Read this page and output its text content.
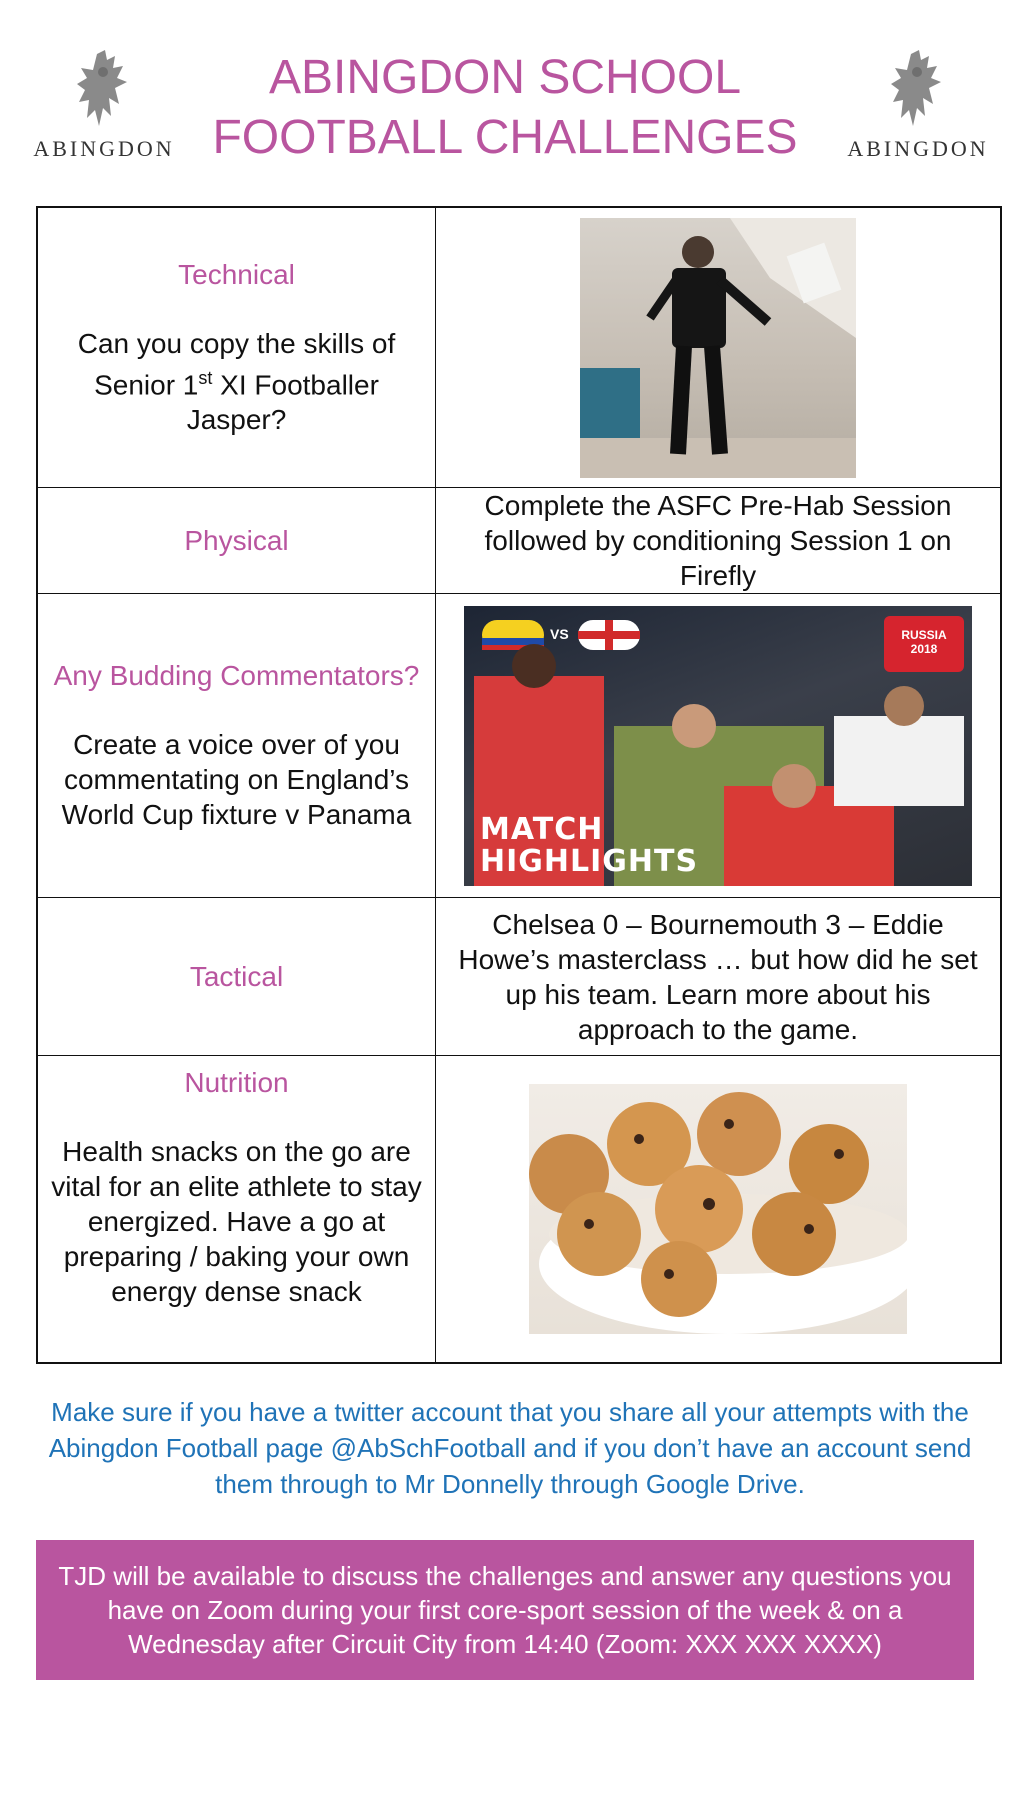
ABINGDON
ABINGDON SCHOOL
FOOTBALL CHALLENGES	ABINGDON
Technical
Can you copy the skills of Senior 1st XI Footballer Jasper?
Physical
Complete the ASFC Pre-Hab Session followed by conditioning Session 1 on Firefly
Any Budding Commentators?
Create a voice over of you commentating on England’s World Cup fixture v Panama
VS	RUSSIA 2018
MATCH
HIGHLIGHTS
Tactical
Chelsea 0 – Bournemouth 3 – Eddie Howe’s masterclass … but how did he set up his team. Learn more about his approach to the game.
Nutrition
Health snacks on the go are vital for an elite athlete to stay energized. Have a go at preparing / baking your own energy dense snack
Make sure if you have a twitter account that you share all your attempts with the Abingdon Football page @AbSchFootball and if you don’t have an account send them through to Mr Donnelly through Google Drive.
TJD will be available to discuss the challenges and answer any questions you have on Zoom during your first core-sport session of the week & on a Wednesday after Circuit City from 14:40 (Zoom: XXX XXX XXXX)
